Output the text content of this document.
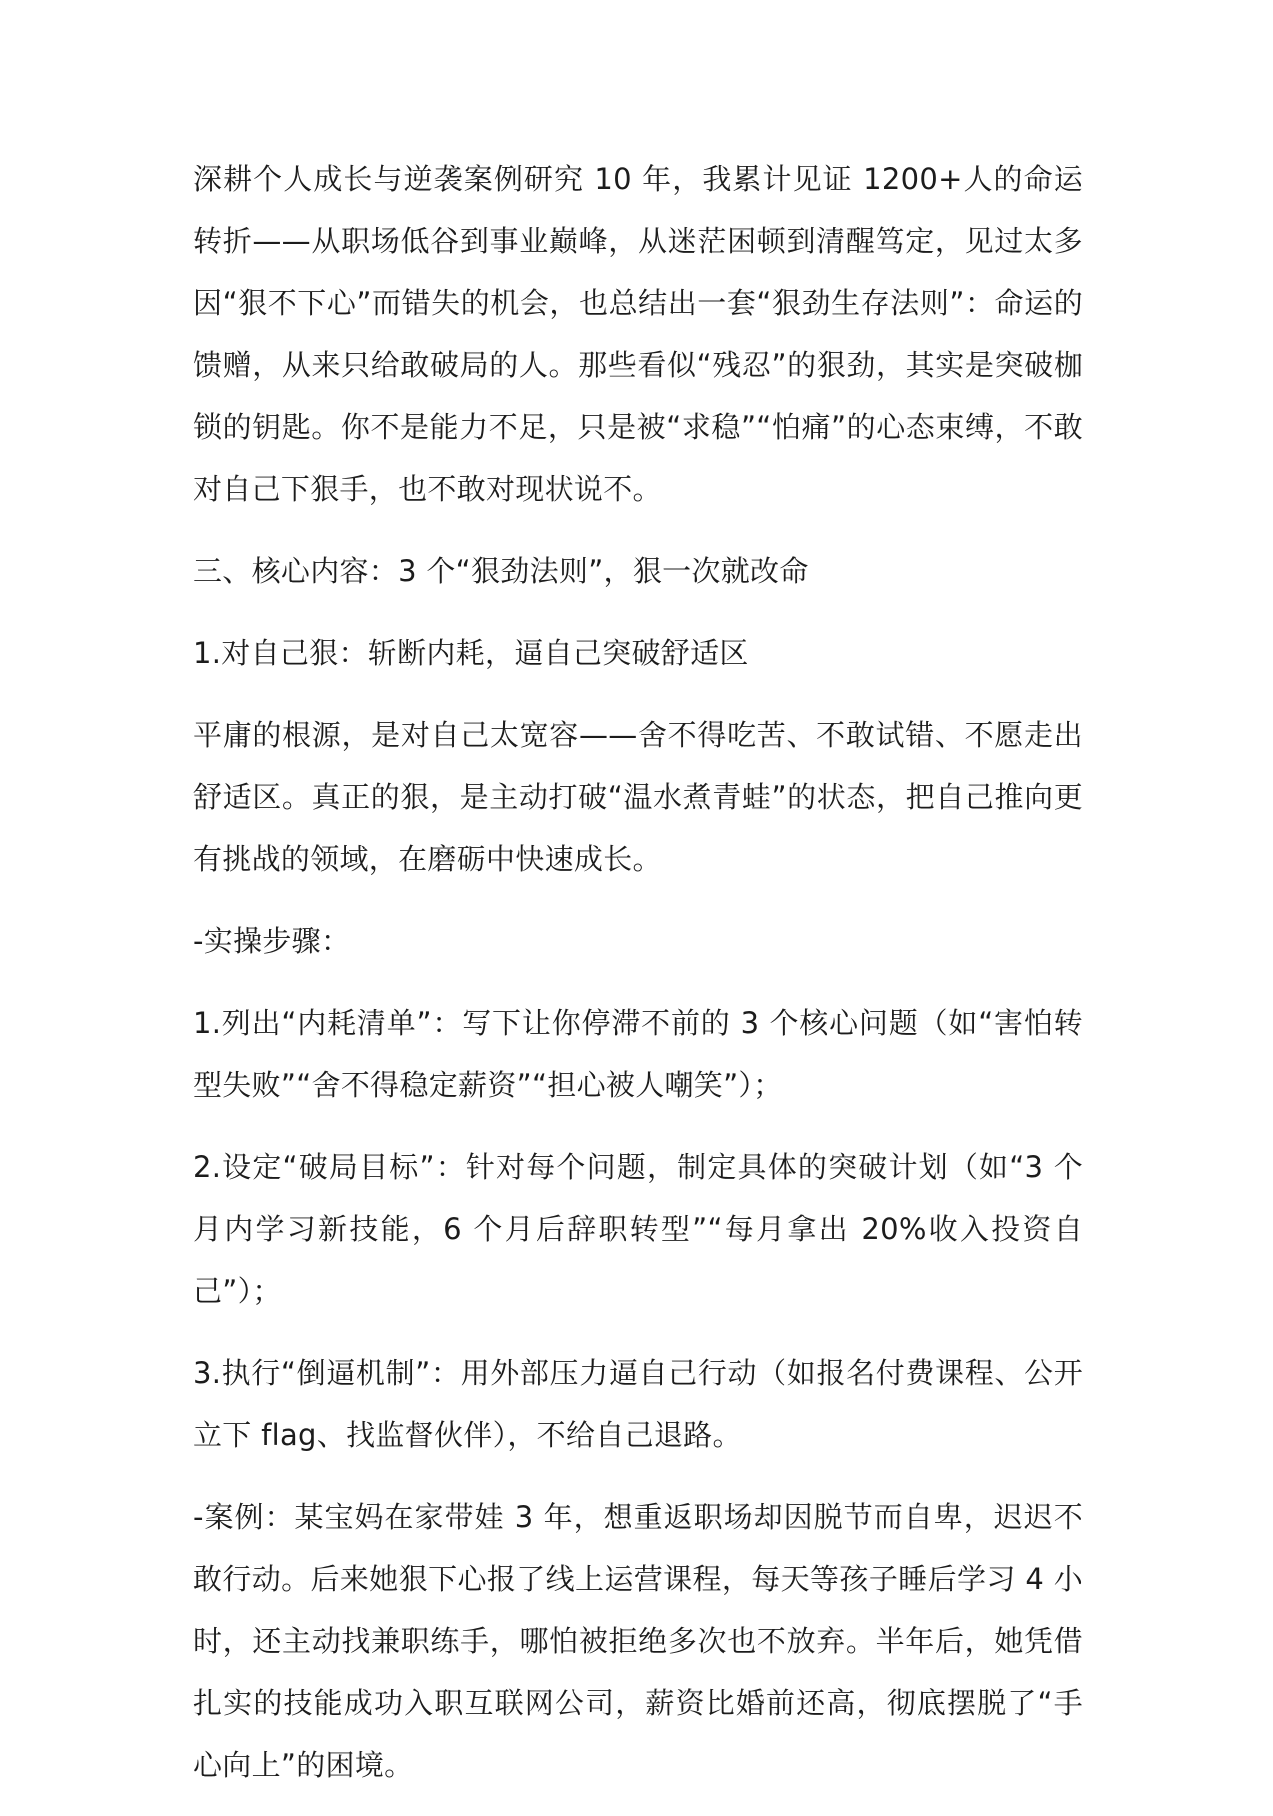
深耕个人成长与逆袭案例研究 10 年，我累计见证 1200+人的命运转折——从职场低谷到事业巅峰，从迷茫困顿到清醒笃定，见过太多因“狠不下心”而错失的机会，也总结出一套“狠劲生存法则”：命运的馈赠，从来只给敢破局的人。那些看似“残忍”的狠劲，其实是突破枷锁的钥匙。你不是能力不足，只是被“求稳”“怕痛”的心态束缚，不敢对自己下狠手，也不敢对现状说不。

三、核心内容：3 个“狠劲法则”，狠一次就改命

1.对自己狠：斩断内耗，逼自己突破舒适区

平庸的根源，是对自己太宽容——舍不得吃苦、不敢试错、不愿走出舒适区。真正的狠，是主动打破“温水煮青蛙”的状态，把自己推向更有挑战的领域，在磨砺中快速成长。

-实操步骤：

1.列出“内耗清单”：写下让你停滞不前的 3 个核心问题（如“害怕转型失败”“舍不得稳定薪资”“担心被人嘲笑”）；

2.设定“破局目标”：针对每个问题，制定具体的突破计划（如“3 个月内学习新技能，6 个月后辞职转型”“每月拿出 20%收入投资自己”）；

3.执行“倒逼机制”：用外部压力逼自己行动（如报名付费课程、公开立下 flag、找监督伙伴），不给自己退路。

-案例：某宝妈在家带娃 3 年，想重返职场却因脱节而自卑，迟迟不敢行动。后来她狠下心报了线上运营课程，每天等孩子睡后学习 4 小时，还主动找兼职练手，哪怕被拒绝多次也不放弃。半年后，她凭借扎实的技能成功入职互联网公司，薪资比婚前还高，彻底摆脱了“手心向上”的困境。
